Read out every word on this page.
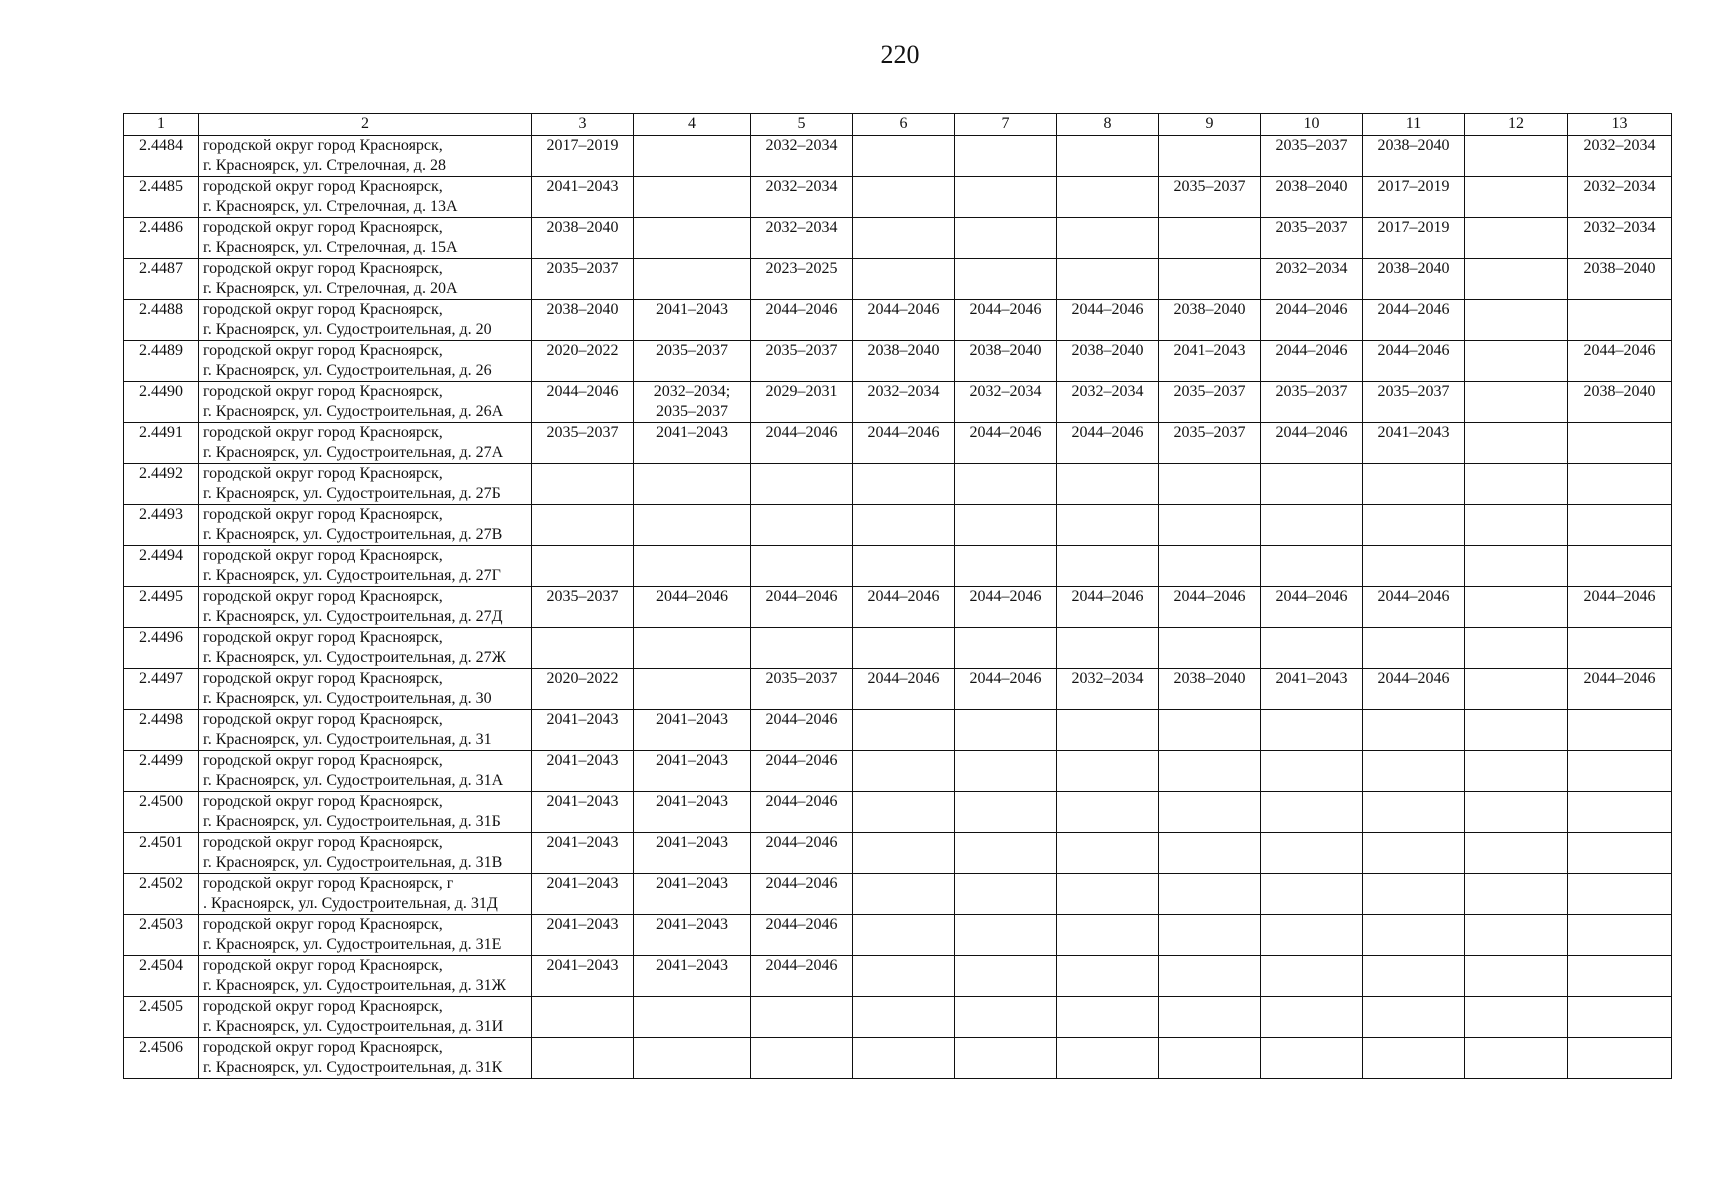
220
1	2	3	4	5	6	7	8	9	10	11	12	13
2.4484	городской округ город Красноярск,
г. Красноярск, ул. Стрелочная, д. 28	2017–2019		2032–2034					2035–2037	2038–2040		2032–2034
2.4485	городской округ город Красноярск,
г. Красноярск, ул. Стрелочная, д. 13А	2041–2043		2032–2034				2035–2037	2038–2040	2017–2019		2032–2034
2.4486	городской округ город Красноярск,
г. Красноярск, ул. Стрелочная, д. 15А	2038–2040		2032–2034					2035–2037	2017–2019		2032–2034
2.4487	городской округ город Красноярск,
г. Красноярск, ул. Стрелочная, д. 20А	2035–2037		2023–2025					2032–2034	2038–2040		2038–2040
2.4488	городской округ город Красноярск,
г. Красноярск, ул. Судостроительная, д. 20	2038–2040	2041–2043	2044–2046	2044–2046	2044–2046	2044–2046	2038–2040	2044–2046	2044–2046		
2.4489	городской округ город Красноярск,
г. Красноярск, ул. Судостроительная, д. 26	2020–2022	2035–2037	2035–2037	2038–2040	2038–2040	2038–2040	2041–2043	2044–2046	2044–2046		2044–2046
2.4490	городской округ город Красноярск,
г. Красноярск, ул. Судостроительная, д. 26А	2044–2046	2032–2034;
2035–2037	2029–2031	2032–2034	2032–2034	2032–2034	2035–2037	2035–2037	2035–2037		2038–2040
2.4491	городской округ город Красноярск,
г. Красноярск, ул. Судостроительная, д. 27А	2035–2037	2041–2043	2044–2046	2044–2046	2044–2046	2044–2046	2035–2037	2044–2046	2041–2043		
2.4492	городской округ город Красноярск,
г. Красноярск, ул. Судостроительная, д. 27Б											

2.4493	городской округ город Красноярск,
г. Красноярск, ул. Судостроительная, д. 27В											

2.4494	городской округ город Красноярск,
г. Красноярск, ул. Судостроительная, д. 27Г											

2.4495	городской округ город Красноярск,
г. Красноярск, ул. Судостроительная, д. 27Д	2035–2037	2044–2046	2044–2046	2044–2046	2044–2046	2044–2046	2044–2046	2044–2046	2044–2046		2044–2046
2.4496	городской округ город Красноярск,
г. Красноярск, ул. Судостроительная, д. 27Ж											

2.4497	городской округ город Красноярск,
г. Красноярск, ул. Судостроительная, д. 30	2020–2022		2035–2037	2044–2046	2044–2046	2032–2034	2038–2040	2041–2043	2044–2046		2044–2046
2.4498	городской округ город Красноярск,
г. Красноярск, ул. Судостроительная, д. 31	2041–2043	2041–2043	2044–2046								
2.4499	городской округ город Красноярск,
г. Красноярск, ул. Судостроительная, д. 31А	2041–2043	2041–2043	2044–2046								
2.4500	городской округ город Красноярск,
г. Красноярск, ул. Судостроительная, д. 31Б	2041–2043	2041–2043	2044–2046								
2.4501	городской округ город Красноярск,
г. Красноярск, ул. Судостроительная, д. 31В	2041–2043	2041–2043	2044–2046								
2.4502	городской округ город Красноярск, г
. Красноярск, ул. Судостроительная, д. 31Д	2041–2043	2041–2043	2044–2046								
2.4503	городской округ город Красноярск,
г. Красноярск, ул. Судостроительная, д. 31Е	2041–2043	2041–2043	2044–2046								
2.4504	городской округ город Красноярск,
г. Красноярск, ул. Судостроительная, д. 31Ж	2041–2043	2041–2043	2044–2046								
2.4505	городской округ город Красноярск,
г. Красноярск, ул. Судостроительная, д. 31И											

2.4506	городской округ город Красноярск,
г. Красноярск, ул. Судостроительная, д. 31К											
